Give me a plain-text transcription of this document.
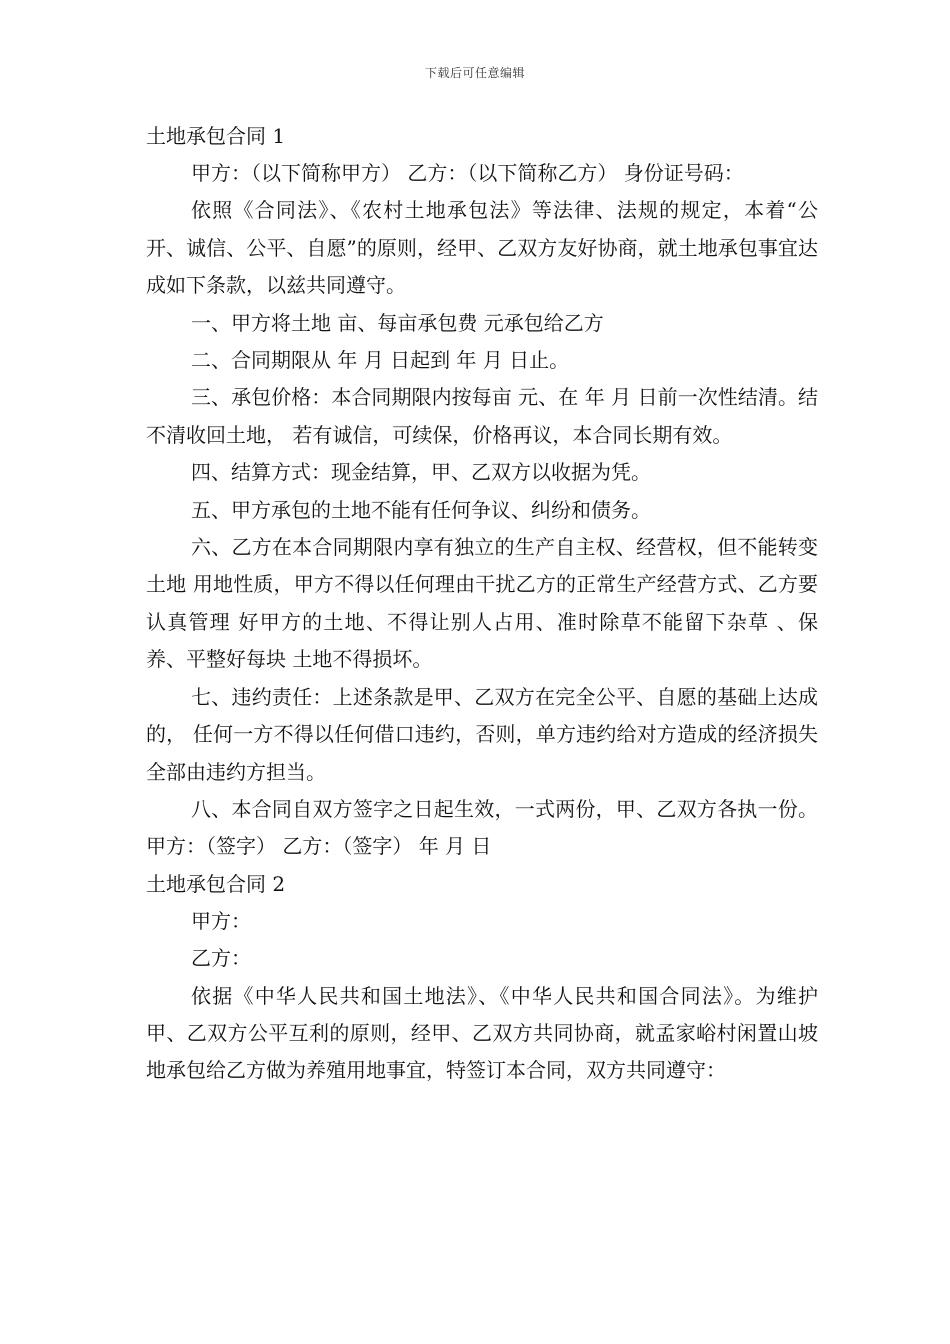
下载后可任意编辑
土地承包合同 1

甲方：（以下简称甲方） 乙方：（以下简称乙方） 身份证号码：

依照《合同法》、《农村土地承包法》等法律、法规的规定，本着“公开、诚信、公平、自愿”的原则，经甲、乙双方友好协商，就土地承包事宜达成如下条款，以兹共同遵守。

一、甲方将土地 亩、每亩承包费 元承包给乙方

二、合同期限从 年 月 日起到 年 月 日止。

三、承包价格：本合同期限内按每亩 元、在 年 月 日前一次性结清。结不清收回土地， 若有诚信，可续保，价格再议，本合同长期有效。

四、结算方式：现金结算，甲、乙双方以收据为凭。

五、甲方承包的土地不能有任何争议、纠纷和债务。

六、乙方在本合同期限内享有独立的生产自主权、经营权，但不能转变土地 用地性质，甲方不得以任何理由干扰乙方的正常生产经营方式、乙方要认真管理 好甲方的土地、不得让别人占用、准时除草不能留下杂草 、保养、平整好每块 土地不得损坏。

七、违约责任：上述条款是甲、乙双方在完全公平、自愿的基础上达成的， 任何一方不得以任何借口违约，否则，单方违约给对方造成的经济损失全部由违约方担当。

八、本合同自双方签字之日起生效，一式两份，甲、乙双方各执一份。 甲方：（签字） 乙方：（签字） 年 月 日

土地承包合同 2

甲方：

乙方：

依据《中华人民共和国土地法》、《中华人民共和国合同法》。为维护甲、乙双方公平互利的原则，经甲、乙双方共同协商，就孟家峪村闲置山坡地承包给乙方做为养殖用地事宜，特签订本合同，双方共同遵守：
